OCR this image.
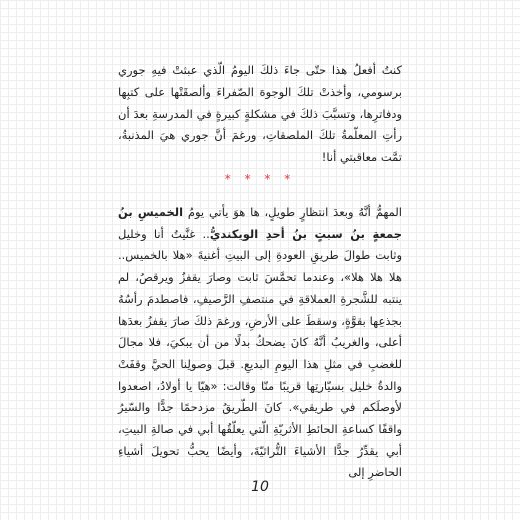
كنتُ أفعلُ هذا حتّى جاءَ ذلكَ اليومُ الّذي عبثتْ فيهِ جوري برسومي، وأخذتْ تلكَ الوجوهَ الصّفراءَ وألصقَتْها على كتبِها ودفاترِها، وتسبَّبَ ذلكَ في مشكلةٍ كبيرةٍ في المدرسةِ بعدَ أن رأتِ المعلّمةُ تلكَ الملصقاتِ، ورغمَ أنَّ جوري هيَ المذنبةُ، تمَّت معاقبتي أنا!

* * * *

المهمُّ أنَّهُ وبعدَ انتظارٍ طويلٍ، ها هوَ يأتي يومُ الخميسِ بنُ جمعةٍ بنُ سبتٍ بنُ أحدِ الويكنديُّ.. غنَّيتُ أنا وخليل وثابت طوالَ طريقِ العودةِ إلى البيتِ أغنيةَ «هلا بالخميس.. هلا هلا هلا»، وعندما تحمَّسَ ثابت وصارَ يقفزُ ويرقصُ، لم ينتبه للشَّجرةِ العملاقةِ في منتصفِ الرَّصيفِ، فاصطدمَ رأسُهُ بجذعِها بقوَّةٍ، وسقطَ على الأرضِ، ورغمَ ذلكَ صارَ يقفزُ بعدَها أعلى، والغريبُ أنَّهُ كانَ يضحكُ بدلًا من أن يبكيَ، فلا مجالَ للغضبِ في مثلِ هذا اليومِ البديعِ. قبلَ وصولِنا الحيَّ وقفَتْ والدةُ خليل بسيّارتِها قريبًا منّا وقالت: «هيّا يا أولادُ، اصعدوا لأوصلَكم في طريقي». كانَ الطّريقُ مزدحمًا جدًّا والسّيرُ واقفًا كساعةِ الحائطِ الأثريّةِ الّتي يعلّقُها أبي في صالةِ البيتِ، أبي يقدِّرُ جدًّا الأشياءَ التُّراثيّةَ، وأيضًا يحبُّ تحويلَ أشياءِ الحاضرِ إلى

10
